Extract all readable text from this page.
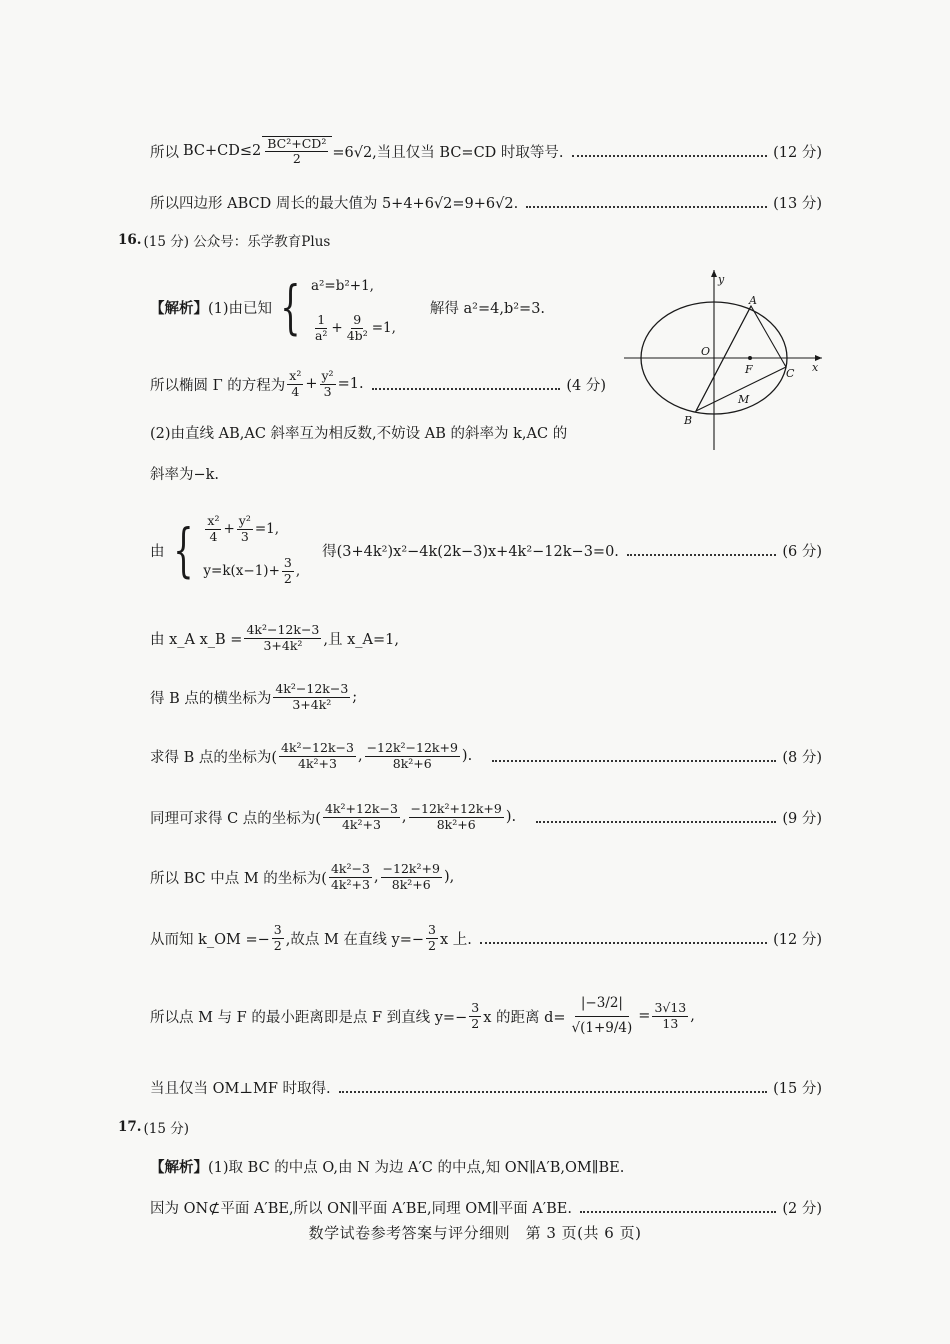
所以 $BC+CD\le 2 \frac{\text{BC²+CD²}}{2} =6√2$,当且仅当 BC=CD 时取等号.	(12 分)
所以四边形 ABCD 周长的最大值为 5+4+6√2=9+6√2.	(13 分)
16. (15 分) 公众号：乐学教育Plus
【解析】 (1)由已知 { a²=b²+1,
$\frac{1}{\text{a²}} + \frac{9}{\text{4b²}} =1$,
解得 a²=4,b²=3.
所以椭圆 Γ 的方程为 $\frac{\text{x²}}{4} + \frac{\text{y²}}{3} =1$.	(4 分)
(2)由直线 AB,AC 斜率互为相反数,不妨设 AB 的斜率为 k,AC 的
斜率为−k.
由 { $\frac{\text{x²}}{4} + \frac{\text{y²}}{3} =1$,
$y=k(x-1)+ \frac{3}{2}$ ,
得(3+4k²)x²−4k(2k−3)x+4k²−12k−3=0.	(6 分)
由 x_A x_B = $\frac{\text{4k²−12k−3}}{\text{3+4k²}}$ ,且 x_A=1,
得 B 点的横坐标为 $\frac{\text{4k²−12k−3}}{\text{3+4k²}}$ ;
求得 B 点的坐标为( $\frac{\text{4k²−12k−3}}{\text{4k²+3}}$ , $\frac{\text{−12k²−12k+9}}{\text{8k²+6}}$ ).	(8 分)
同理可求得 C 点的坐标为( $\frac{\text{4k²+12k−3}}{\text{4k²+3}}$ , $\frac{\text{−12k²+12k+9}}{\text{8k²+6}}$ ).	(9 分)
所以 BC 中点 M 的坐标为( $\frac{\text{4k²−3}}{\text{4k²+3}}$ , $\frac{\text{−12k²+9}}{\text{8k²+6}}$ ),
从而知 k_OM =− $\frac{3}{2}$ ,故点 M 在直线 $y=- \frac{3}{2}$ x 上.	(12 分)
所以点 M 与 F 的最小距离即是点 F 到直线 $y=- \frac{3}{2}$ x 的距离 $d= \frac{|-3/2|}{√(1+9/4)} = \frac{3√13}{13}$ ,
当且仅当 OM⊥MF 时取得.	(15 分)
17. (15 分)
【解析】 (1)取 BC 的中点 O,由 N 为边 A′C 的中点,知 ON∥A′B,OM∥BE.
因为 ON⊄平面 A′BE,所以 ON∥平面 A′BE,同理 OM∥平面 A′BE.	(2 分)
数学试卷参考答案与评分细则　第 3 页(共 6 页)
y
x
O
A
B
C
F
M
